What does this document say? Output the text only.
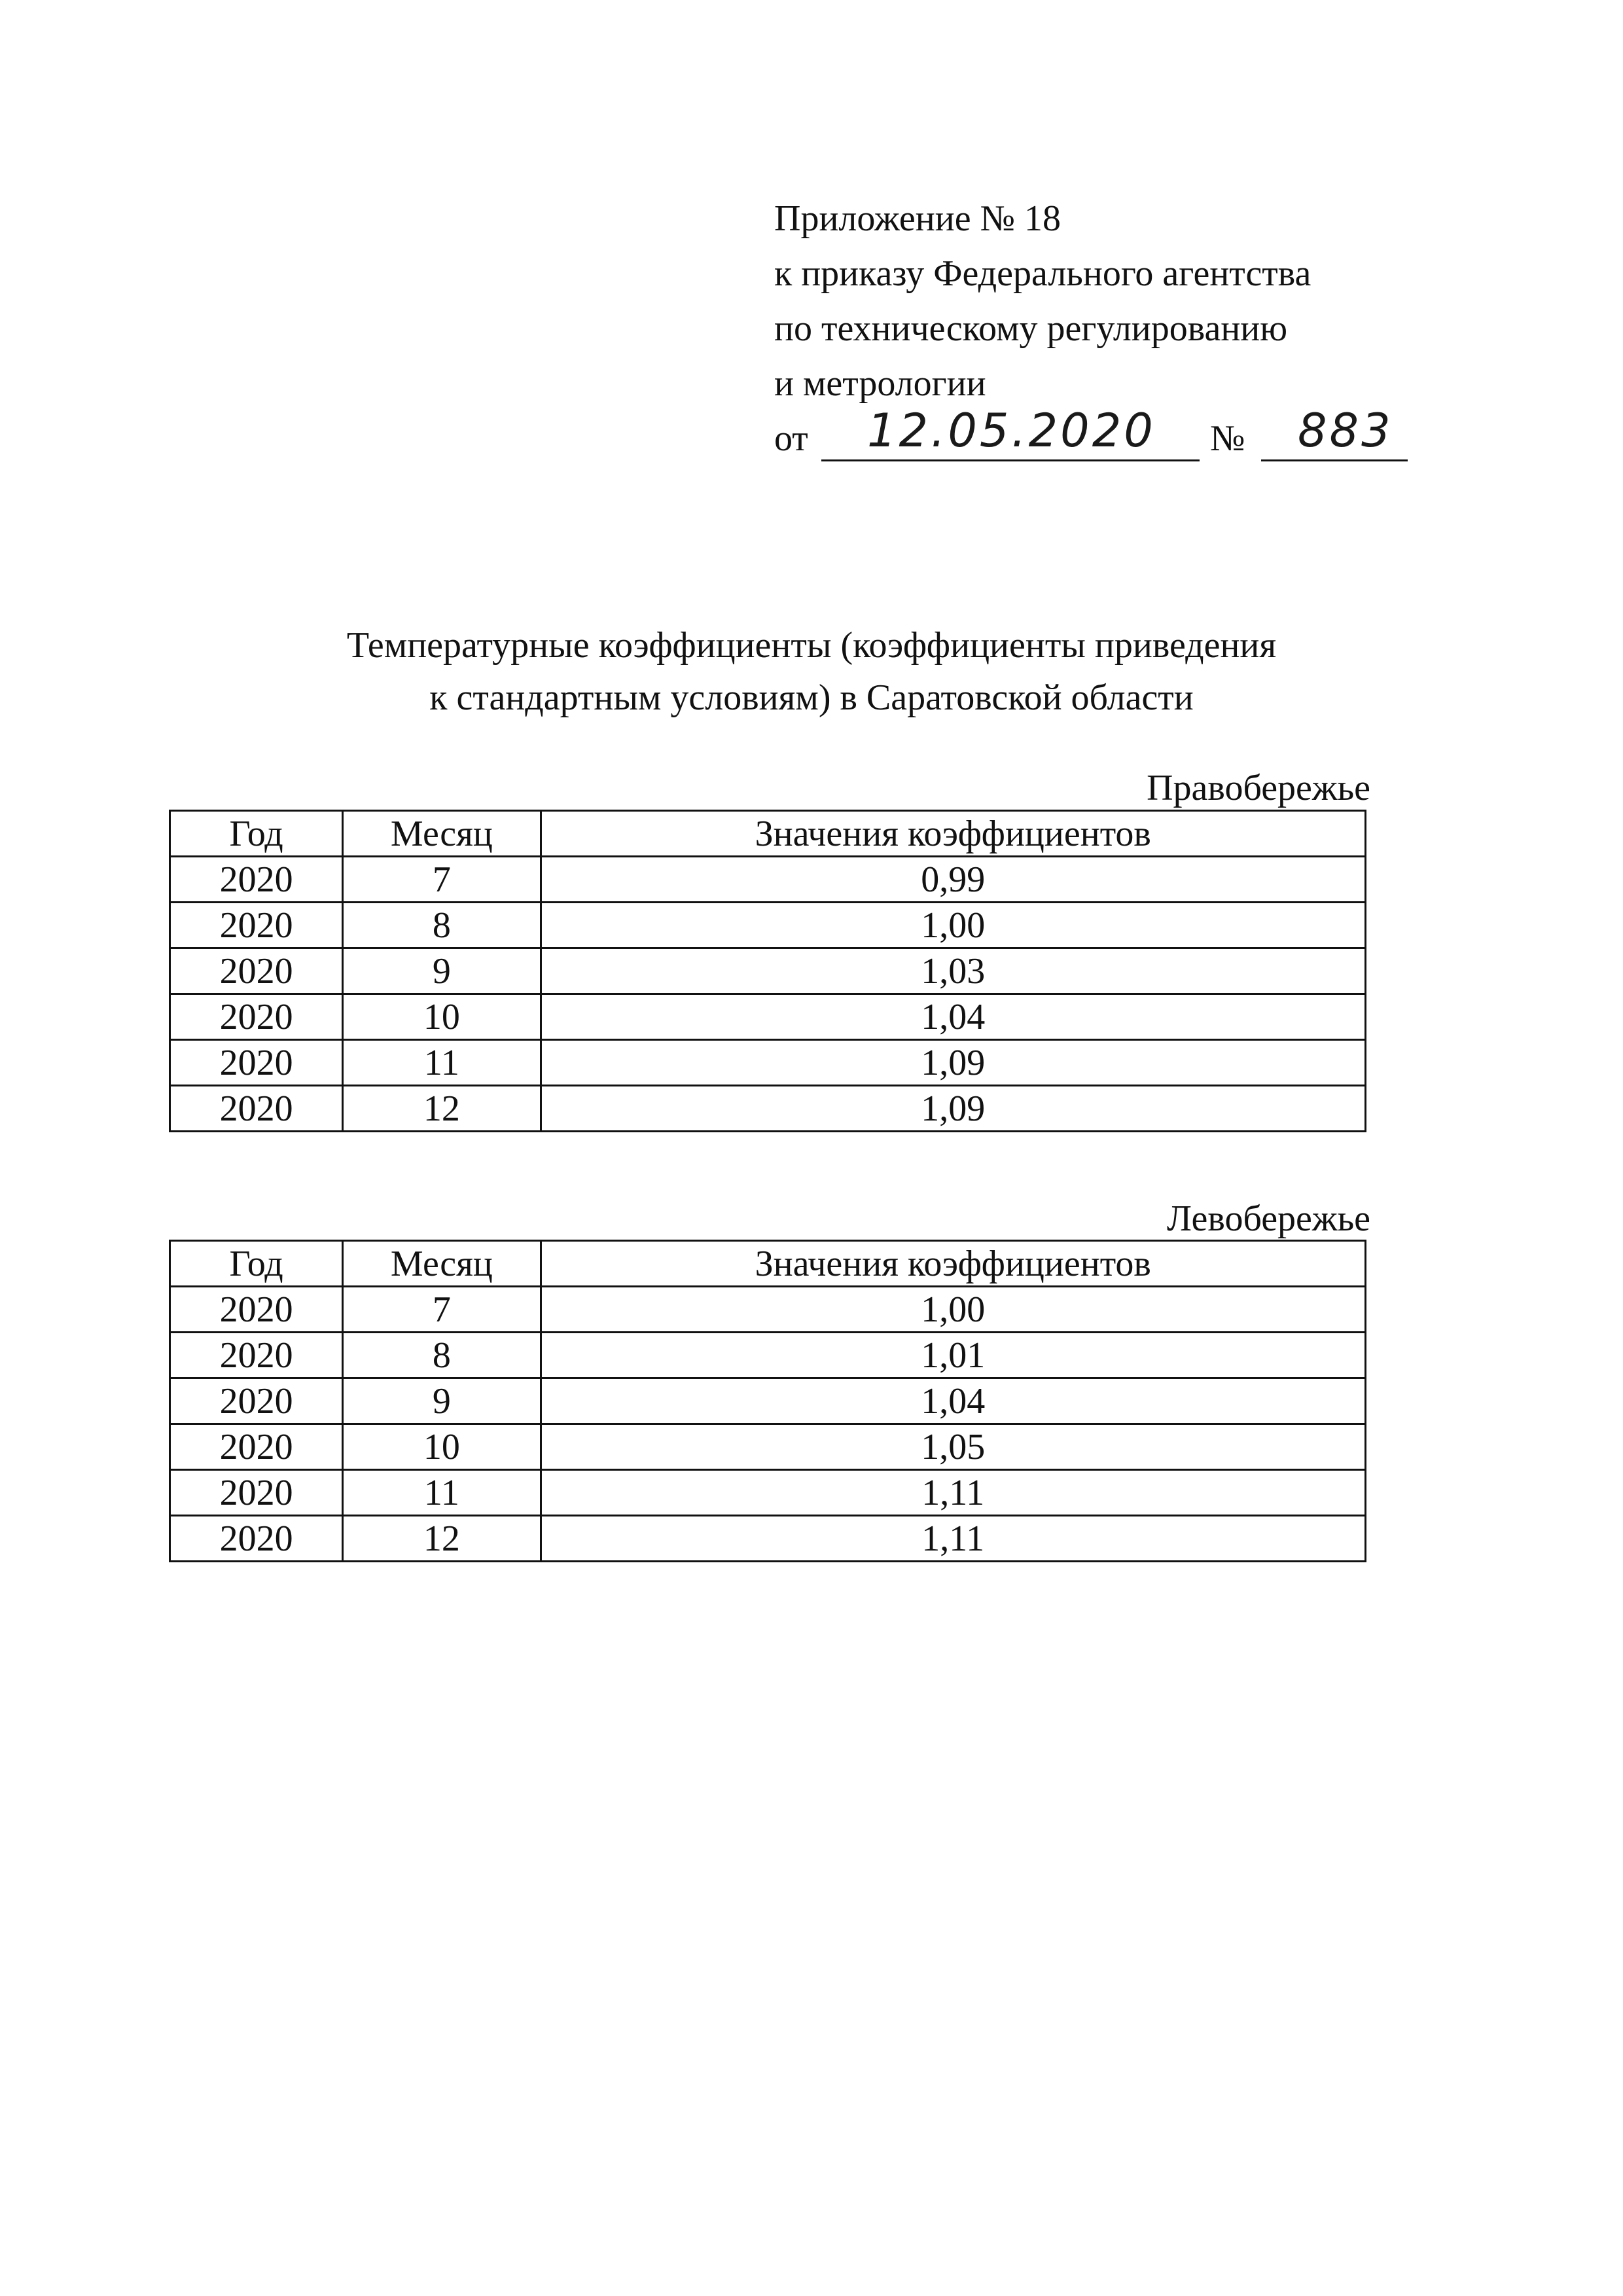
Приложение № 18
к приказу Федерального агентства
по техническому регулированию
и метрологии
от 12.05.2020 № 883
Температурные коэффициенты (коэффициенты приведения
к стандартным условиям) в Саратовской области
Правобережье
Год	Месяц	Значения коэффициентов
2020	7	0,99
2020	8	1,00
2020	9	1,03
2020	10	1,04
2020	11	1,09
2020	12	1,09
Левобережье
Год	Месяц	Значения коэффициентов
2020	7	1,00
2020	8	1,01
2020	9	1,04
2020	10	1,05
2020	11	1,11
2020	12	1,11
